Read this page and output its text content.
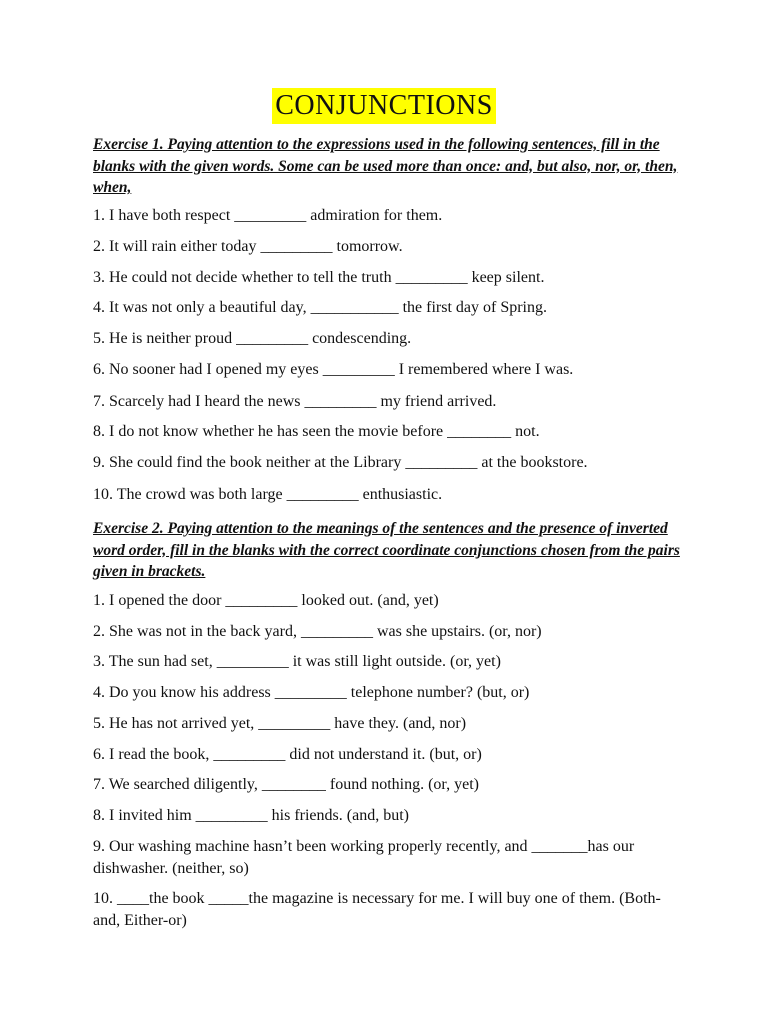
CONJUNCTIONS
Exercise 1. Paying attention to the expressions used in the following sentences, fill in the blanks with the given words. Some can be used more than once: and, but also, nor, or, then, when,
1. I have both respect _________ admiration for them.
2. It will rain either today _________ tomorrow.
3. He could not decide whether to tell the truth _________ keep silent.
4. It was not only a beautiful day, ___________ the first day of Spring.
5. He is neither proud _________ condescending.
6. No sooner had I opened my eyes _________ I remembered where I was.
7. Scarcely had I heard the news _________ my friend arrived.
8. I do not know whether he has seen the movie before ________ not.
9. She could find the book neither at the Library _________ at the bookstore.
10. The crowd was both large _________ enthusiastic.
Exercise 2. Paying attention to the meanings of the sentences and the presence of inverted word order, fill in the blanks with the correct coordinate conjunctions chosen from the pairs given in brackets.
1. I opened the door _________ looked out. (and, yet)
2. She was not in the back yard, _________ was she upstairs. (or, nor)
3. The sun had set, _________ it was still light outside. (or, yet)
4. Do you know his address _________ telephone number? (but, or)
5. He has not arrived yet, _________ have they. (and, nor)
6. I read the book, _________ did not understand it. (but, or)
7. We searched diligently, ________ found nothing. (or, yet)
8. I invited him _________ his friends. (and, but)
9. Our washing machine hasn’t been working properly recently, and _______has our dishwasher. (neither, so)
10. ____the book _____the magazine is necessary for me. I will buy one of them. (Both-and, Either-or)
